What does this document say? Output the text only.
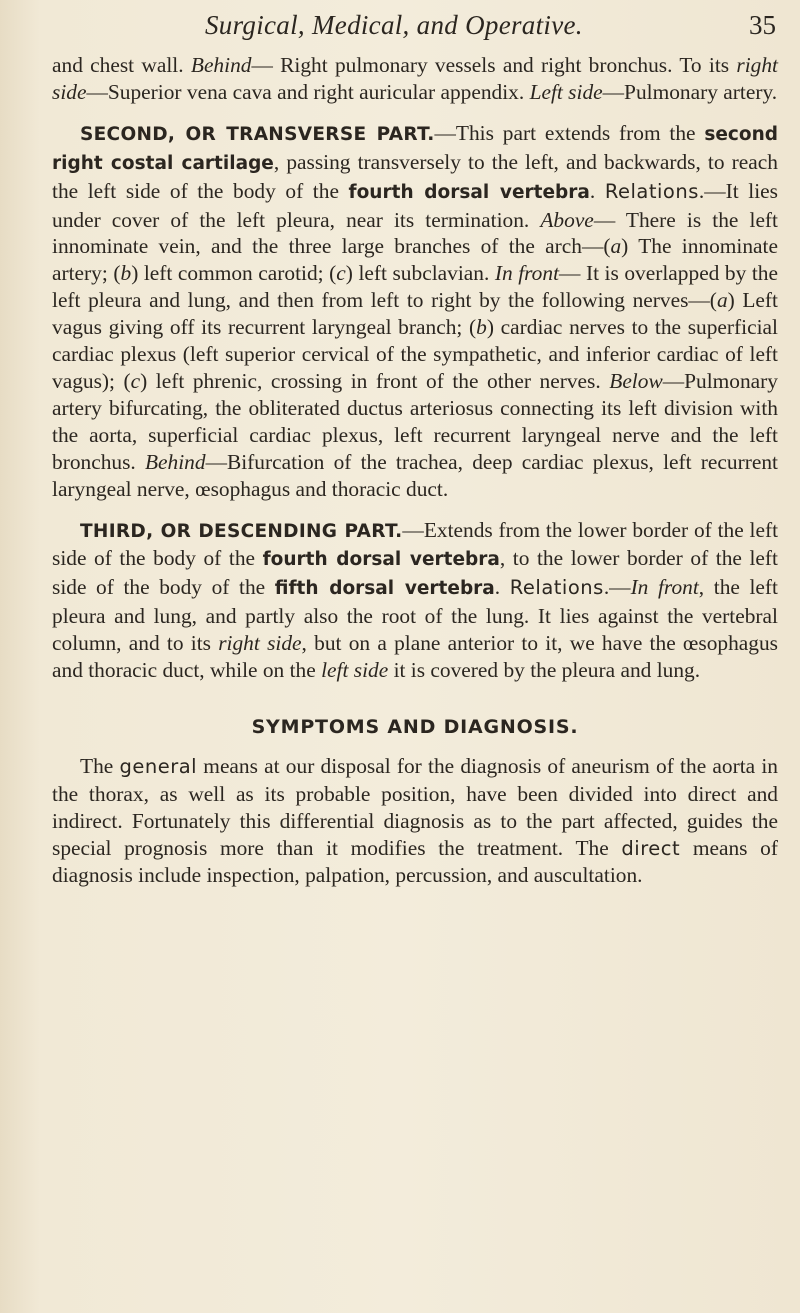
Surgical, Medical, and Operative.	35

and chest wall. Behind— Right pulmonary vessels and right bronchus. To its right side—Superior vena cava and right auricular appendix. Left side—Pulmonary artery.

SECOND, OR TRANSVERSE PART.—This part extends from the second right costal cartilage, passing transversely to the left, and backwards, to reach the left side of the body of the fourth dorsal vertebra. Relations.—It lies under cover of the left pleura, near its termination. Above— There is the left innominate vein, and the three large branches of the arch—(a) The innominate artery; (b) left common carotid; (c) left subclavian. In front— It is overlapped by the left pleura and lung, and then from left to right by the following nerves—(a) Left vagus giving off its recurrent laryngeal branch; (b) cardiac nerves to the superficial cardiac plexus (left superior cervical of the sympathetic, and inferior cardiac of left vagus); (c) left phrenic, crossing in front of the other nerves. Below—Pulmonary artery bifurcating, the obliterated ductus arteriosus connecting its left division with the aorta, superficial cardiac plexus, left recurrent laryngeal nerve and the left bronchus. Behind—Bifurcation of the trachea, deep cardiac plexus, left recurrent laryngeal nerve, œsophagus and thoracic duct.

THIRD, OR DESCENDING PART.—Extends from the lower border of the left side of the body of the fourth dorsal vertebra, to the lower border of the left side of the body of the fifth dorsal vertebra. Relations.—In front, the left pleura and lung, and partly also the root of the lung. It lies against the vertebral column, and to its right side, but on a plane anterior to it, we have the œsophagus and thoracic duct, while on the left side it is covered by the pleura and lung.

SYMPTOMS AND DIAGNOSIS.

The general means at our disposal for the diagnosis of aneurism of the aorta in the thorax, as well as its probable position, have been divided into direct and indirect. Fortunately this differential diagnosis as to the part affected, guides the special prognosis more than it modifies the treatment. The direct means of diagnosis include inspection, palpation, percussion, and auscultation.
